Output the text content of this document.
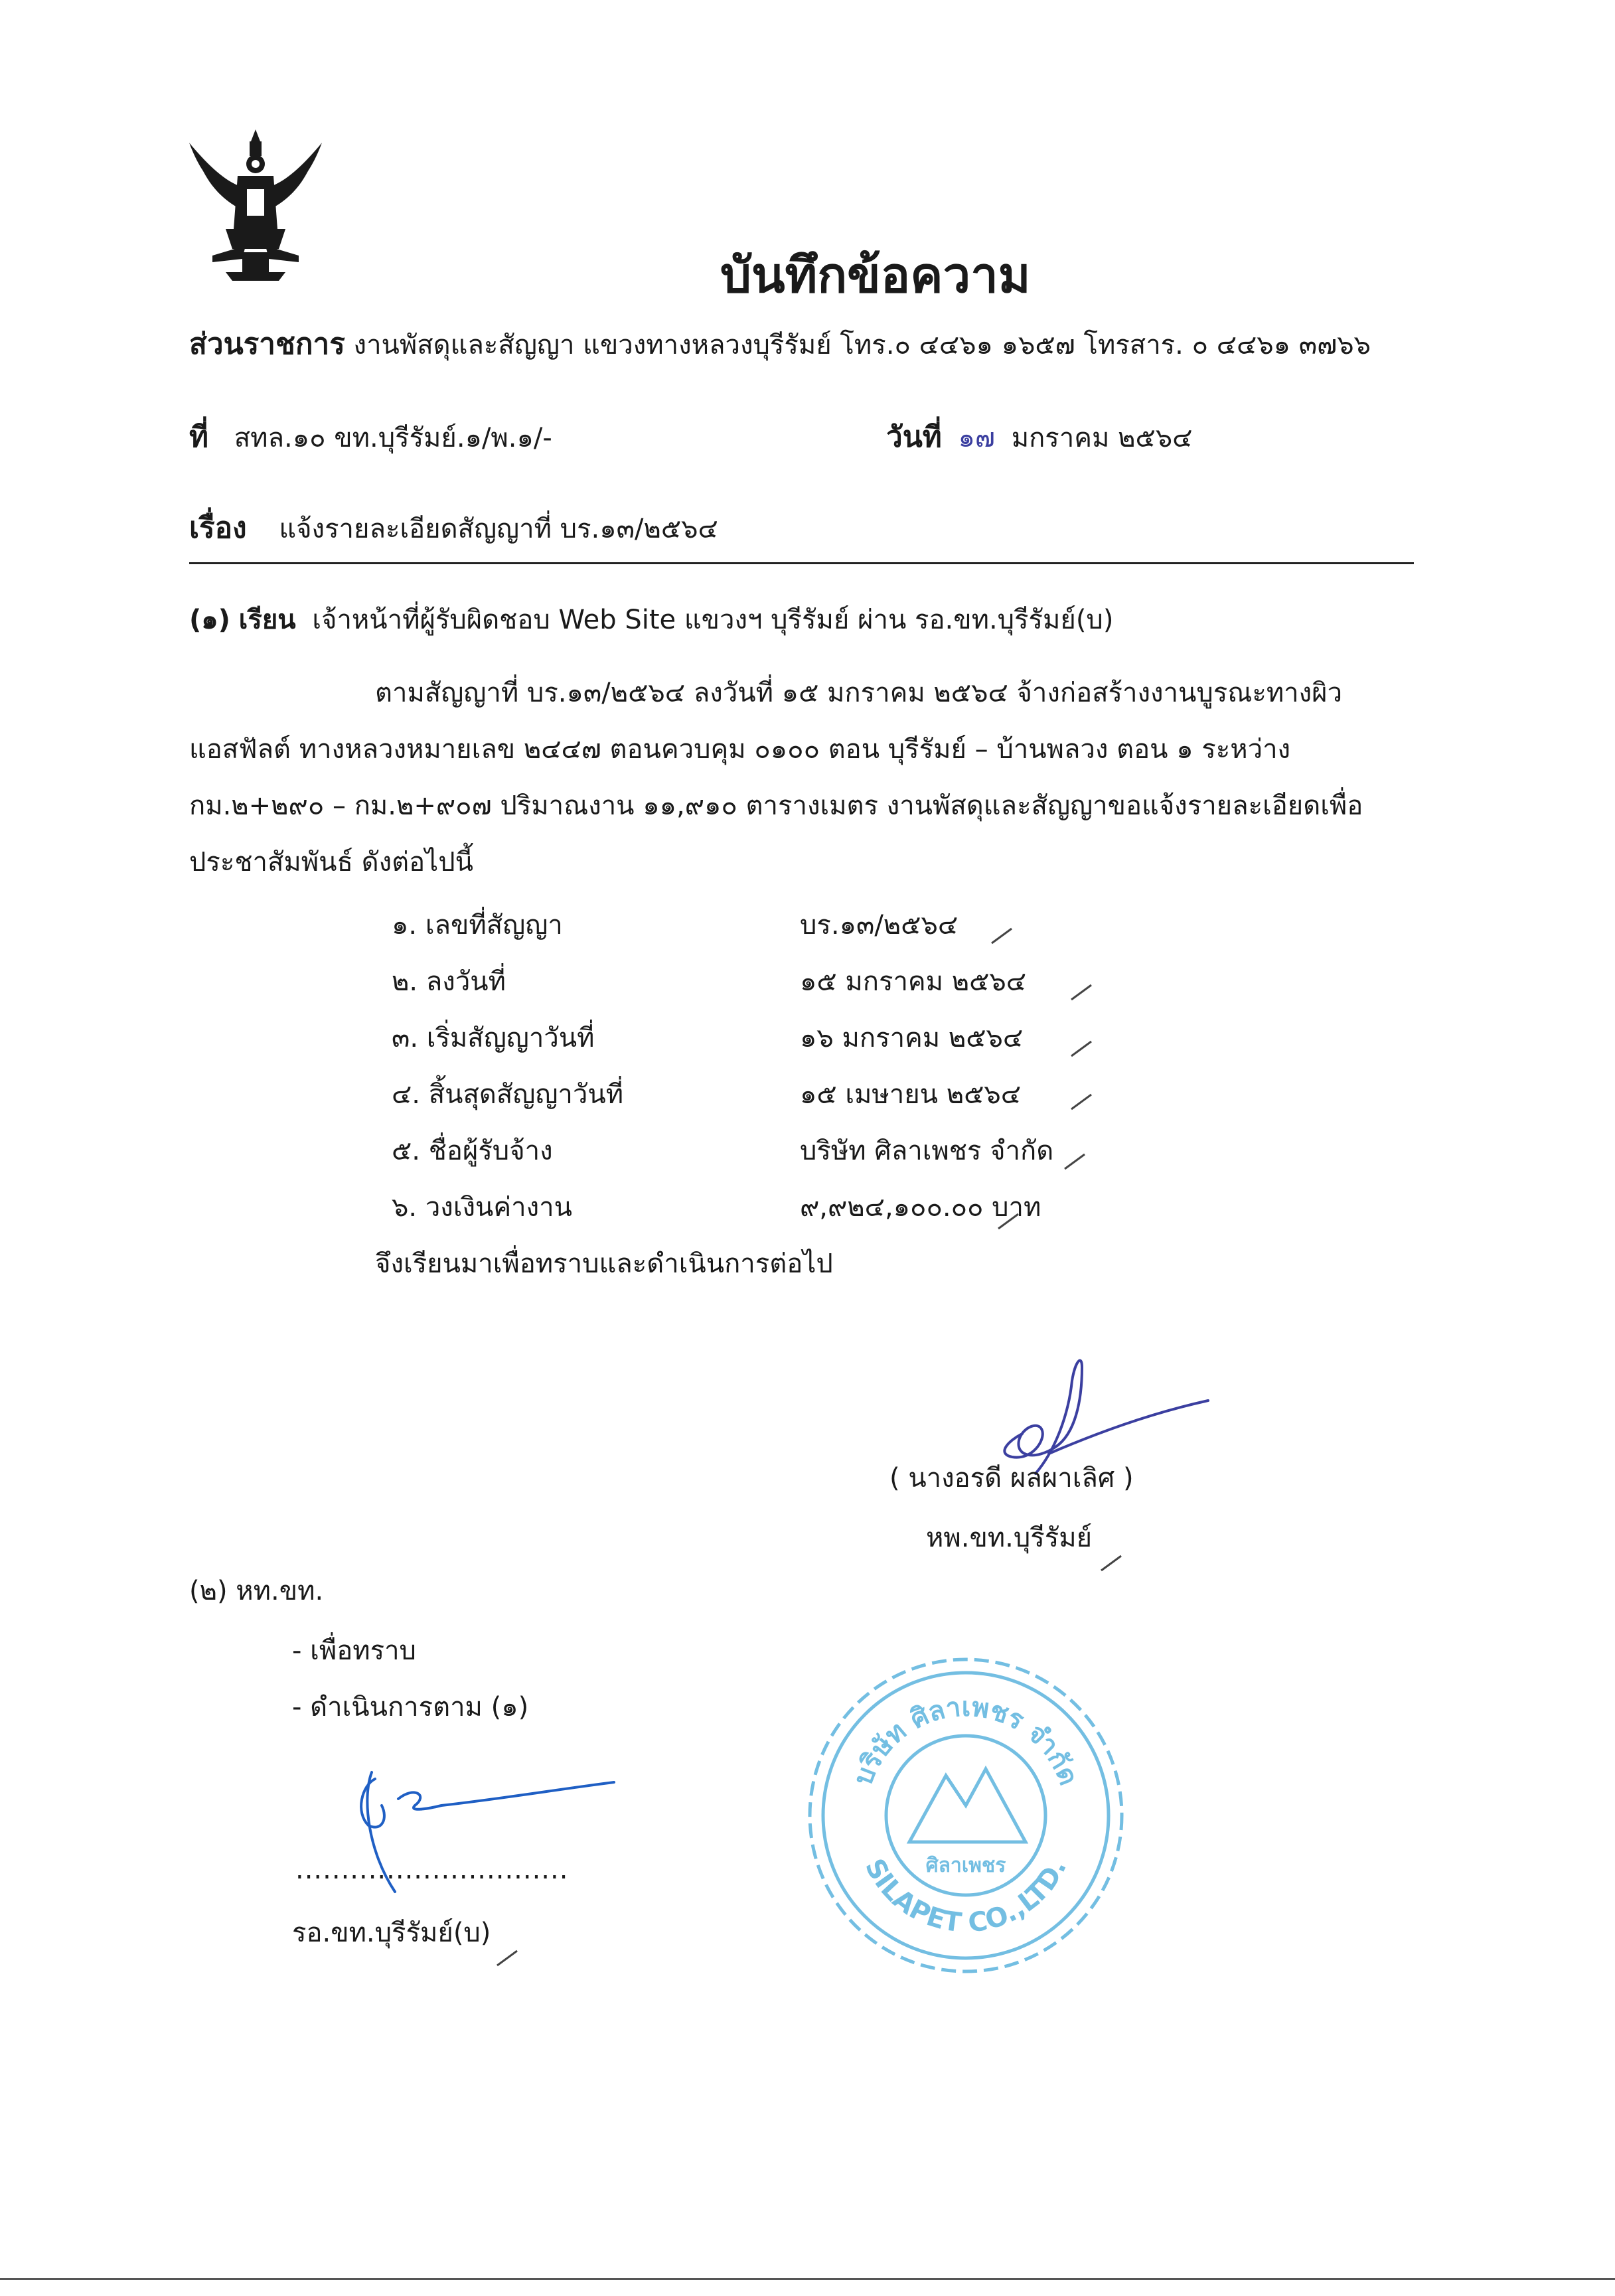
บันทึกข้อความ
ส่วนราชการ งานพัสดุและสัญญา แขวงทางหลวงบุรีรัมย์ โทร.๐ ๔๔๖๑ ๑๖๕๗ โทรสาร. ๐ ๔๔๖๑ ๓๗๖๖
ที่ สทล.๑๐ ขท.บุรีรัมย์.๑/พ.๑/-	วันที่ ๑๗ มกราคม ๒๕๖๔
เรื่อง แจ้งรายละเอียดสัญญาที่ บร.๑๓/๒๕๖๔
(๑) เรียน เจ้าหน้าที่ผู้รับผิดชอบ Web Site แขวงฯ บุรีรัมย์ ผ่าน รอ.ขท.บุรีรัมย์(บ)
ตามสัญญาที่ บร.๑๓/๒๕๖๔ ลงวันที่ ๑๕ มกราคม ๒๕๖๔ จ้างก่อสร้างงานบูรณะทางผิว
แอสฟัลต์ ทางหลวงหมายเลข ๒๔๔๗ ตอนควบคุม ๐๑๐๐ ตอน บุรีรัมย์ – บ้านพลวง ตอน ๑ ระหว่าง
กม.๒+๒๙๐ – กม.๒+๙๐๗ ปริมาณงาน ๑๑,๙๑๐ ตารางเมตร งานพัสดุและสัญญาขอแจ้งรายละเอียดเพื่อ
ประชาสัมพันธ์ ดังต่อไปนี้
๑. เลขที่สัญญา	บร.๑๓/๒๕๖๔
๒. ลงวันที่	๑๕ มกราคม ๒๕๖๔
๓. เริ่มสัญญาวันที่	๑๖ มกราคม ๒๕๖๔
๔. สิ้นสุดสัญญาวันที่	๑๕ เมษายน ๒๕๖๔
๕. ชื่อผู้รับจ้าง	บริษัท ศิลาเพชร จำกัด
๖. วงเงินค่างาน	๙,๙๒๔,๑๐๐.๐๐ บาท
จึงเรียนมาเพื่อทราบและดำเนินการต่อไป
( นางอรดี ผลผาเลิศ )
หพ.ขท.บุรีรัมย์
(๒) หท.ขท.
- เพื่อทราบ
- ดำเนินการตาม (๑)
..............................
รอ.ขท.บุรีรัมย์(บ)
บริษัท ศิลาเพชร จำกัด
SILAPET CO.,LTD.
ศิลาเพชร
